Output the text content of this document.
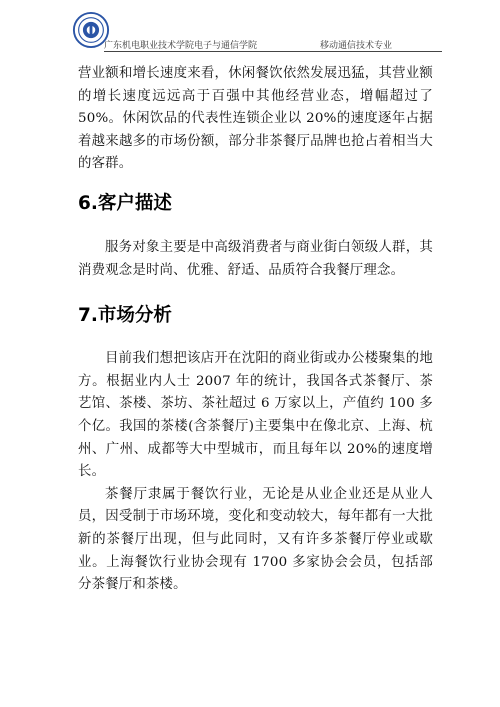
广东机电职业技术学院电子与通信学院	移动通信技术专业

营业额和增长速度来看，休闲餐饮依然发展迅猛，其营业额的增长速度远远高于百强中其他经营业态，增幅超过了 50%。休闲饮品的代表性连锁企业以 20%的速度逐年占据着越来越多的市场份额，部分非茶餐厅品牌也抢占着相当大的客群。

6.客户描述

服务对象主要是中高级消费者与商业街白领级人群，其消费观念是时尚、优雅、舒适、品质符合我餐厅理念。

7.市场分析

目前我们想把该店开在沈阳的商业街或办公楼聚集的地方。根据业内人士 2007 年的统计，我国各式茶餐厅、茶艺馆、茶楼、茶坊、茶社超过 6 万家以上，产值约 100 多个亿。我国的茶楼(含茶餐厅)主要集中在像北京、上海、杭州、广州、成都等大中型城市，而且每年以 20%的速度增长。

茶餐厅隶属于餐饮行业，无论是从业企业还是从业人员，因受制于市场环境，变化和变动较大，每年都有一大批新的茶餐厅出现，但与此同时，又有许多茶餐厅停业或歇业。上海餐饮行业协会现有 1700 多家协会会员，包括部分茶餐厅和茶楼。
